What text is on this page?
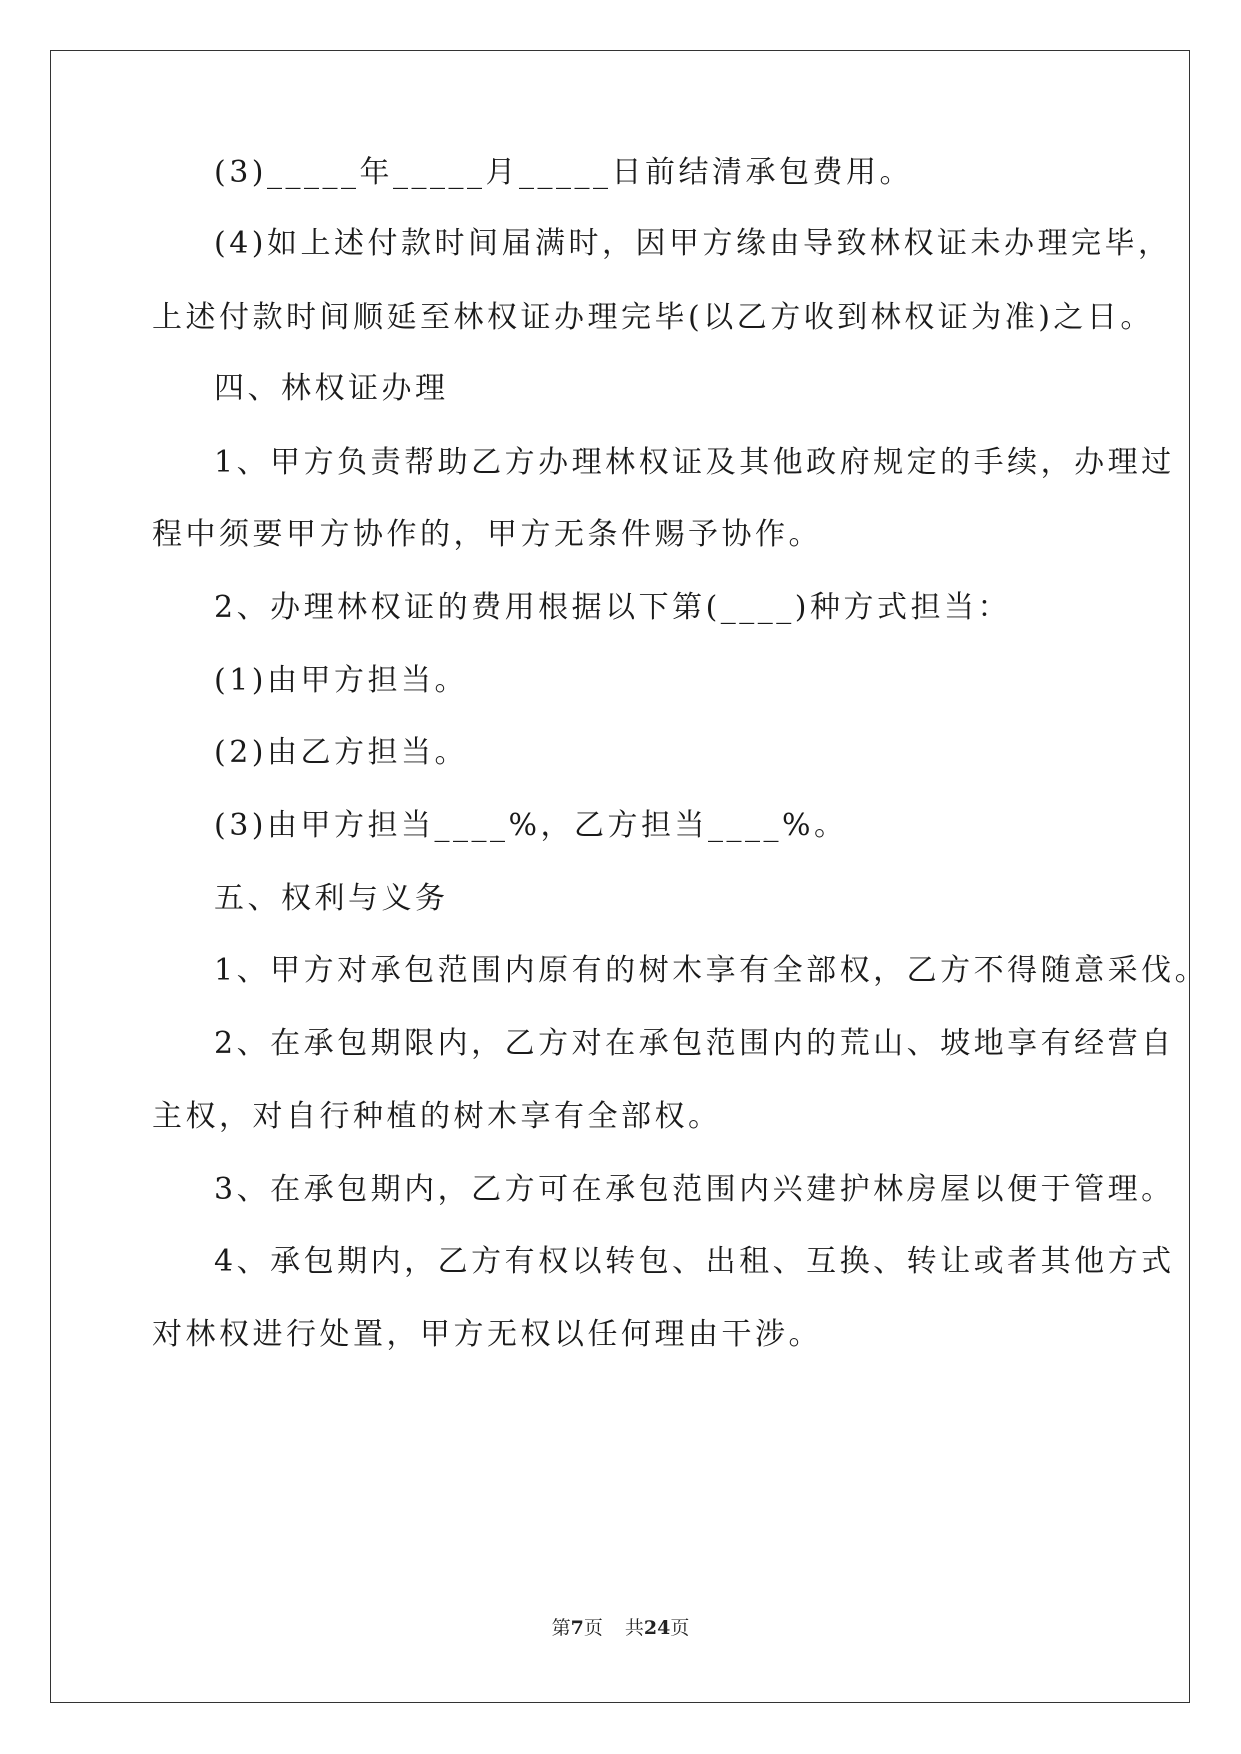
(3)_____年_____月_____日前结清承包费用。
(4)如上述付款时间届满时，因甲方缘由导致林权证未办理完毕，
上述付款时间顺延至林权证办理完毕(以乙方收到林权证为准)之日。
四、林权证办理
1、甲方负责帮助乙方办理林权证及其他政府规定的手续，办理过
程中须要甲方协作的，甲方无条件赐予协作。
2、办理林权证的费用根据以下第(____)种方式担当：
(1)由甲方担当。
(2)由乙方担当。
(3)由甲方担当____%，乙方担当____%。
五、权利与义务
1、甲方对承包范围内原有的树木享有全部权，乙方不得随意采伐。
2、在承包期限内，乙方对在承包范围内的荒山、坡地享有经营自
主权，对自行种植的树木享有全部权。
3、在承包期内，乙方可在承包范围内兴建护林房屋以便于管理。
4、承包期内，乙方有权以转包、出租、互换、转让或者其他方式
对林权进行处置，甲方无权以任何理由干涉。
第7页 共24页
